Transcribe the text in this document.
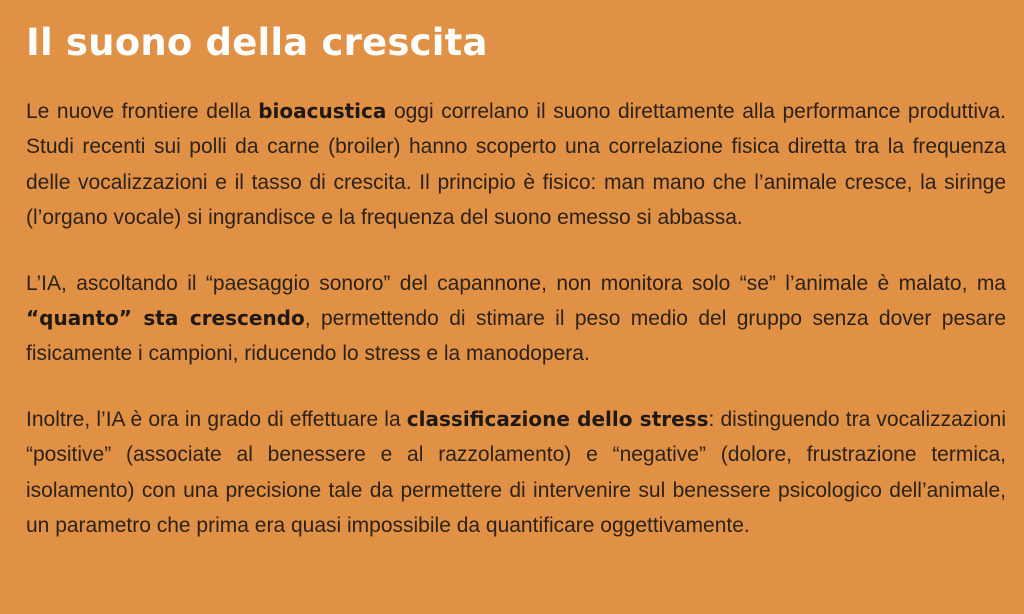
Il suono della crescita

Le nuove frontiere della bioacustica oggi correlano il suono direttamente alla performance produttiva. Studi recenti sui polli da carne (broiler) hanno scoperto una correlazione fisica diretta tra la frequenza delle vocalizzazioni e il tasso di crescita. Il principio è fisico: man mano che l’animale cresce, la siringe (l’organo vocale) si ingrandisce e la frequenza del suono emesso si abbassa.

L’IA, ascoltando il “paesaggio sonoro” del capannone, non monitora solo “se” l’animale è malato, ma “quanto” sta crescendo, permettendo di stimare il peso medio del gruppo senza dover pesare fisicamente i campioni, riducendo lo stress e la manodopera.

Inoltre, l’IA è ora in grado di effettuare la classificazione dello stress: distinguendo tra vocalizzazioni “positive” (associate al benessere e al razzolamento) e “negative” (dolore, frustrazione termica, isolamento) con una precisione tale da permettere di intervenire sul benessere psicologico dell’animale, un parametro che prima era quasi impossibile da quantificare oggettivamente.
